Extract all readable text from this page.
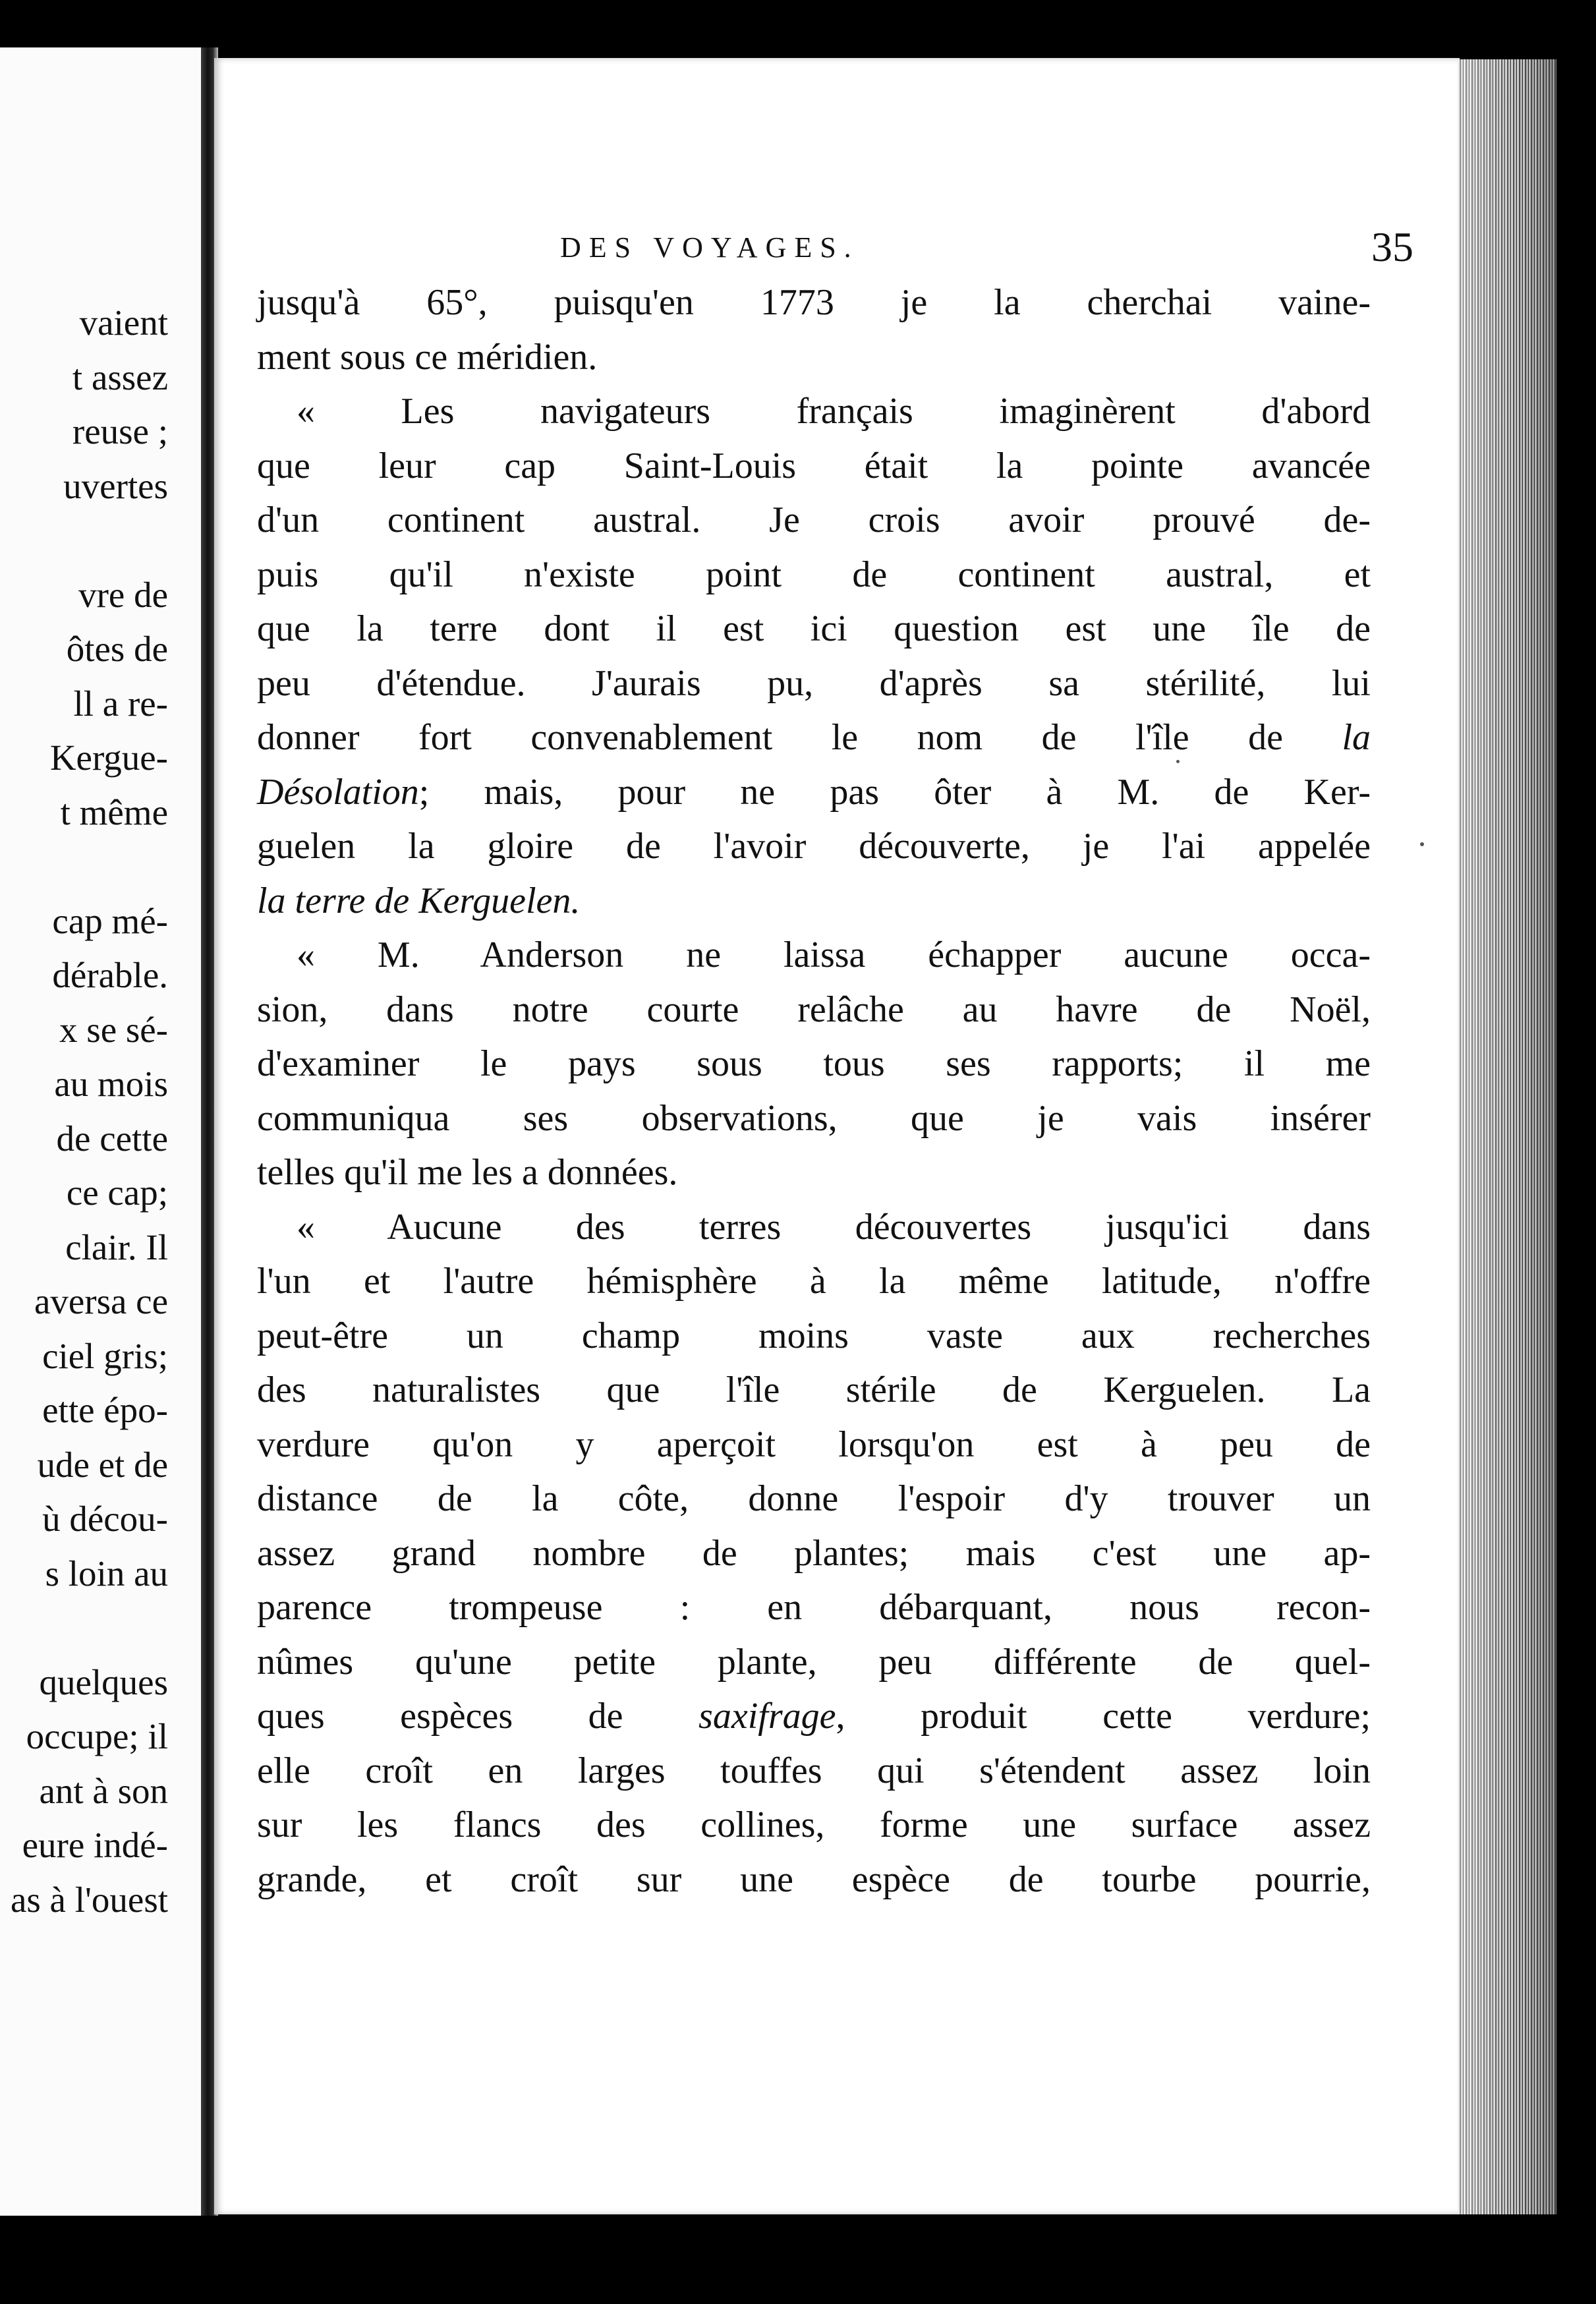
vaient
t assez
reuse ;
uvertes
vre de
ôtes de
ll a re-
Kergue-
t même
cap mé-
dérable.
x se sé-
au mois
de cette
ce cap;
clair. Il
aversa ce
ciel gris;
ette épo-
ude et de
ù décou-
s loin au
quelques
occupe; il
ant à son
eure indé-
as à l'ouest
DES VOYAGES.	35
jusqu'à 65°, puisqu'en 1773 je la cherchai vaine-
ment sous ce méridien.
« Les navigateurs français imaginèrent d'abord
que leur cap Saint-Louis était la pointe avancée
d'un continent austral. Je crois avoir prouvé de-
puis qu'il n'existe point de continent austral, et
que la terre dont il est ici question est une île de
peu d'étendue. J'aurais pu, d'après sa stérilité, lui
donner fort convenablement le nom de l'île de la
Désolation; mais, pour ne pas ôter à M. de Ker-
guelen la gloire de l'avoir découverte, je l'ai appelée
la terre de Kerguelen.
« M. Anderson ne laissa échapper aucune occa-
sion, dans notre courte relâche au havre de Noël,
d'examiner le pays sous tous ses rapports; il me
communiqua ses observations, que je vais insérer
telles qu'il me les a données.
« Aucune des terres découvertes jusqu'ici dans
l'un et l'autre hémisphère à la même latitude, n'offre
peut-être un champ moins vaste aux recherches
des naturalistes que l'île stérile de Kerguelen. La
verdure qu'on y aperçoit lorsqu'on est à peu de
distance de la côte, donne l'espoir d'y trouver un
assez grand nombre de plantes; mais c'est une ap-
parence trompeuse : en débarquant, nous recon-
nûmes qu'une petite plante, peu différente de quel-
ques espèces de saxifrage, produit cette verdure;
elle croît en larges touffes qui s'étendent assez loin
sur les flancs des collines, forme une surface assez
grande, et croît sur une espèce de tourbe pourrie,
